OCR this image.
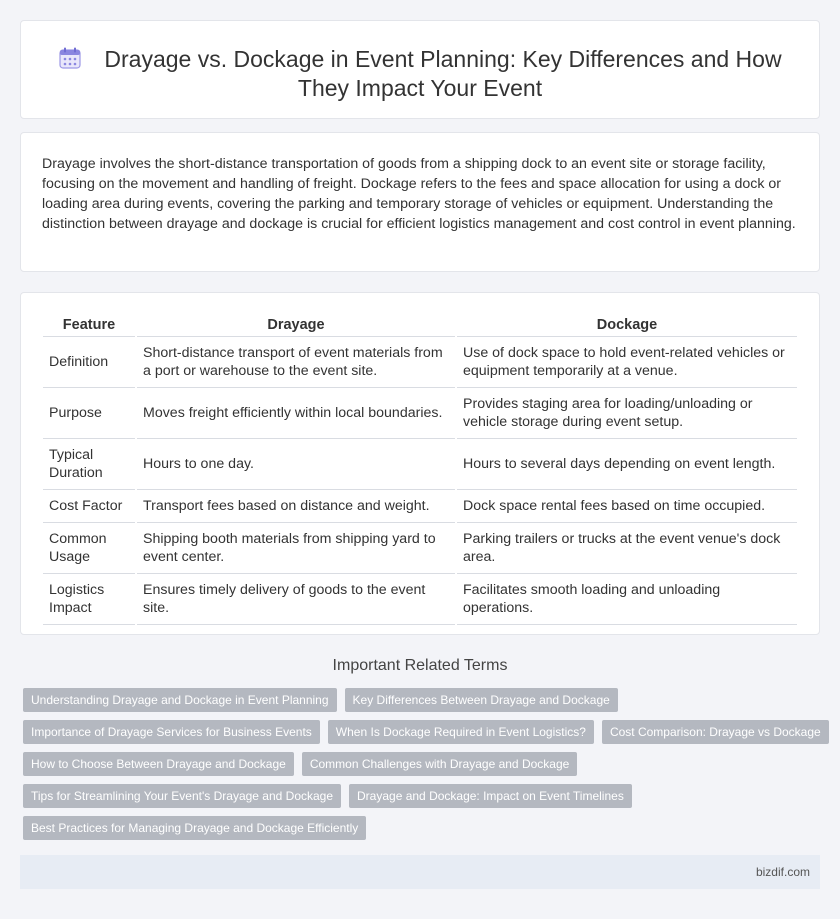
Drayage vs. Dockage in Event Planning: Key Differences and How They Impact Your Event

Drayage involves the short-distance transportation of goods from a shipping dock to an event site or storage facility, focusing on the movement and handling of freight. Dockage refers to the fees and space allocation for using a dock or loading area during events, covering the parking and temporary storage of vehicles or equipment. Understanding the distinction between drayage and dockage is crucial for efficient logistics management and cost control in event planning.

Feature	Drayage	Dockage
Definition	Short-distance transport of event materials from a port or warehouse to the event site.	Use of dock space to hold event-related vehicles or equipment temporarily at a venue.
Purpose	Moves freight efficiently within local boundaries.	Provides staging area for loading/unloading or vehicle storage during event setup.
Typical Duration	Hours to one day.	Hours to several days depending on event length.
Cost Factor	Transport fees based on distance and weight.	Dock space rental fees based on time occupied.
Common Usage	Shipping booth materials from shipping yard to event center.	Parking trailers or trucks at the event venue's dock area.
Logistics Impact	Ensures timely delivery of goods to the event site.	Facilitates smooth loading and unloading operations.
Important Related Terms
Understanding Drayage and Dockage in Event Planning	Key Differences Between Drayage and Dockage
Importance of Drayage Services for Business Events	When Is Dockage Required in Event Logistics?	Cost Comparison: Drayage vs Dockage
How to Choose Between Drayage and Dockage	Common Challenges with Drayage and Dockage
Tips for Streamlining Your Event's Drayage and Dockage	Drayage and Dockage: Impact on Event Timelines
Best Practices for Managing Drayage and Dockage Efficiently
bizdif.com
